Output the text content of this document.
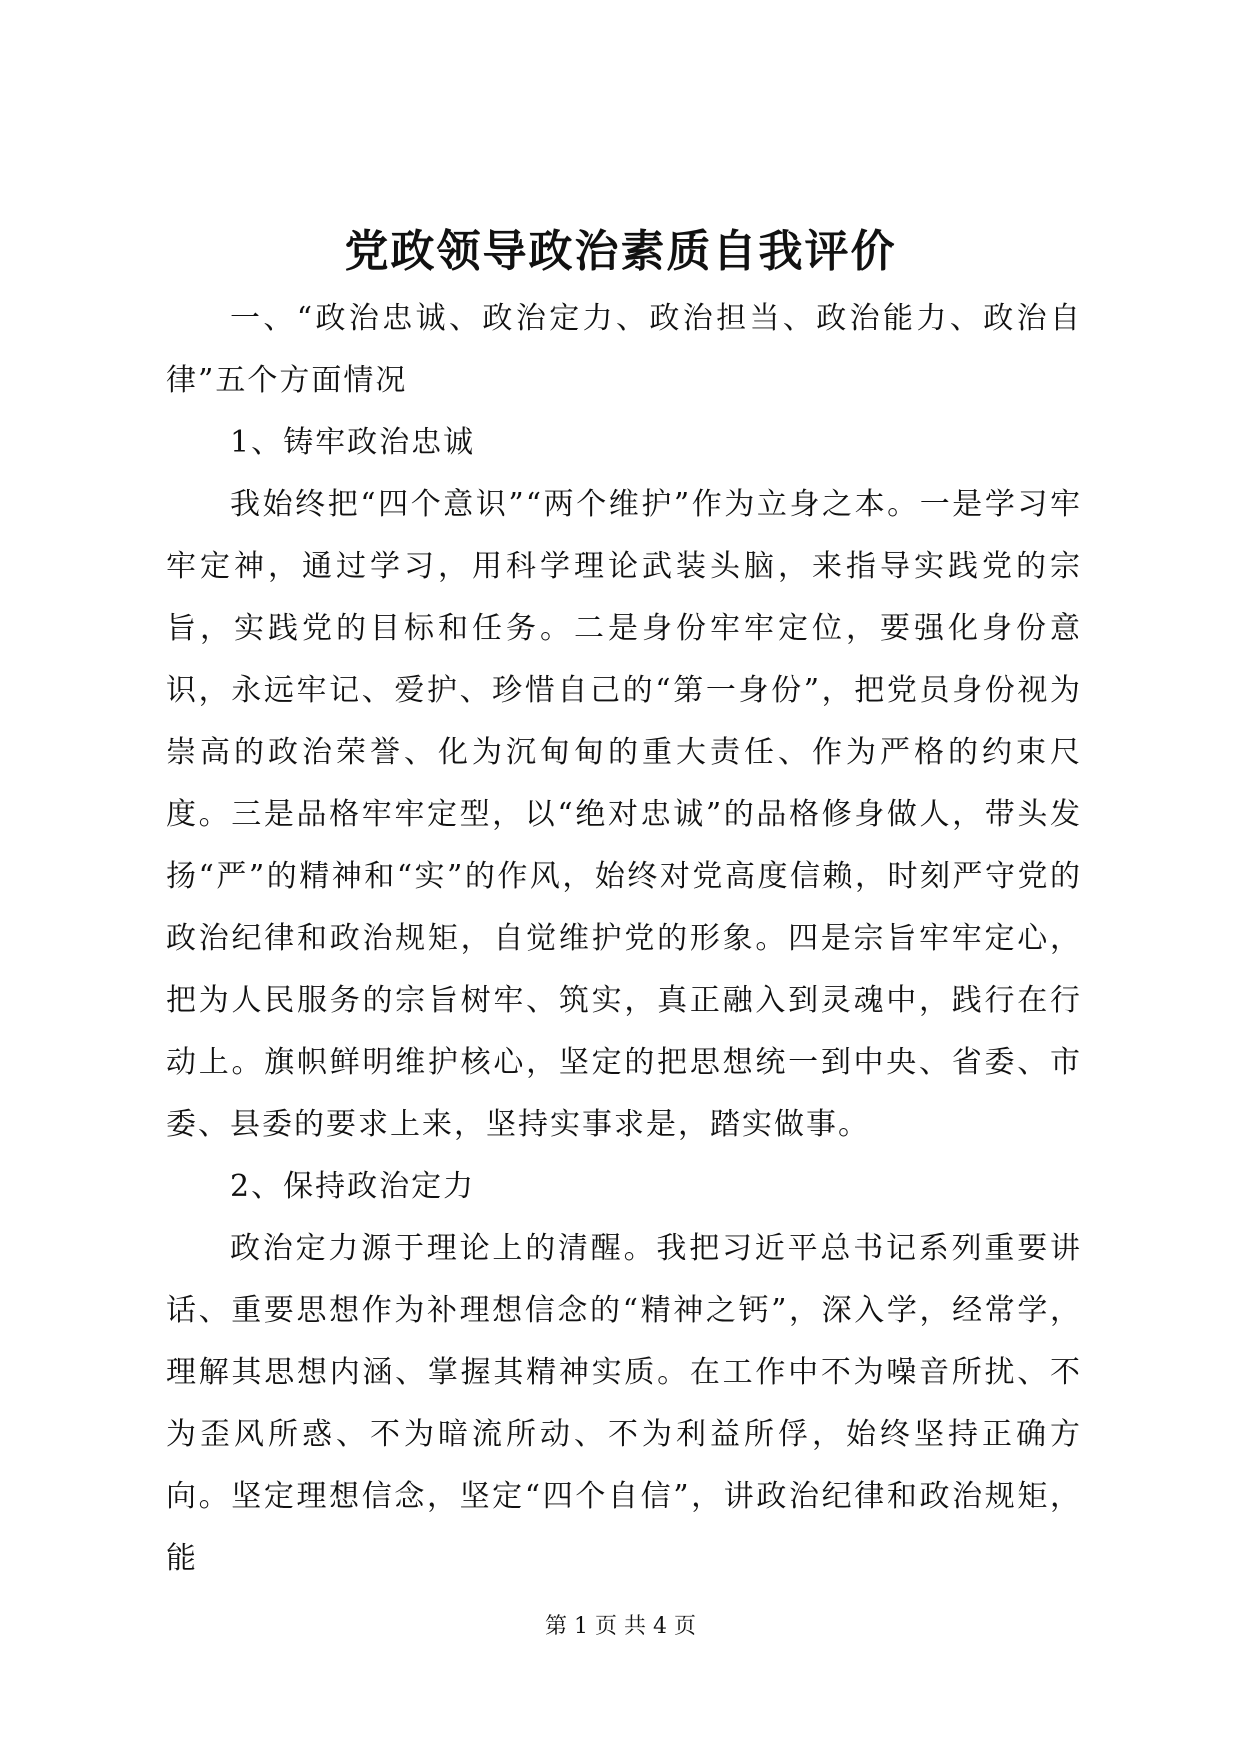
党政领导政治素质自我评价

一、“政治忠诚、政治定力、政治担当、政治能力、政治自律”五个方面情况

1、铸牢政治忠诚

我始终把“四个意识”“两个维护”作为立身之本。一是学习牢牢定神，通过学习，用科学理论武装头脑，来指导实践党的宗旨，实践党的目标和任务。二是身份牢牢定位，要强化身份意识，永远牢记、爱护、珍惜自己的“第一身份”，把党员身份视为崇高的政治荣誉、化为沉甸甸的重大责任、作为严格的约束尺度。三是品格牢牢定型，以“绝对忠诚”的品格修身做人，带头发扬“严”的精神和“实”的作风，始终对党高度信赖，时刻严守党的政治纪律和政治规矩，自觉维护党的形象。四是宗旨牢牢定心，把为人民服务的宗旨树牢、筑实，真正融入到灵魂中，践行在行动上。旗帜鲜明维护核心，坚定的把思想统一到中央、省委、市委、县委的要求上来，坚持实事求是，踏实做事。

2、保持政治定力

政治定力源于理论上的清醒。我把习近平总书记系列重要讲话、重要思想作为补理想信念的“精神之钙”，深入学，经常学，理解其思想内涵、掌握其精神实质。在工作中不为噪音所扰、不为歪风所惑、不为暗流所动、不为利益所俘，始终坚持正确方向。坚定理想信念，坚定“四个自信”，讲政治纪律和政治规矩，能

第 1 页 共 4 页
